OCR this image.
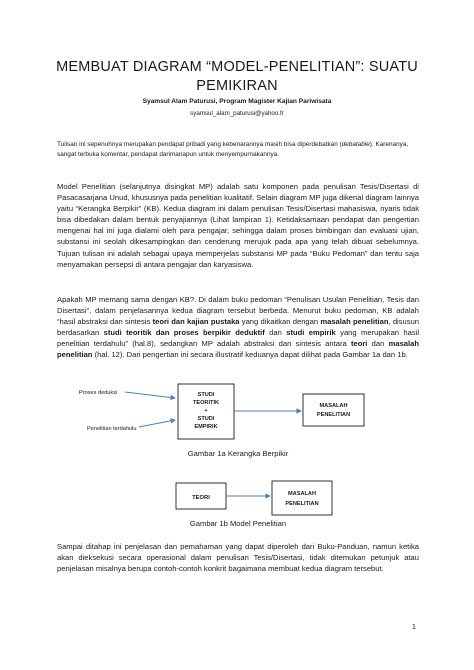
MEMBUAT DIAGRAM “MODEL-PENELITIAN”: SUATU PEMIKIRAN
Syamsul Alam Paturusi, Program Magister Kajian Pariwisata
syamsul_alam_paturusi@yahoo.fr
Tulisan ini sepenuhnya merupakan pendapat pribadi yang kebenarannya masih bisa diperdebatkan (debatable). Karenanya, sangat terbuka komentar, pendapat darimanapun untuk menyempurnakannya.
Model Penelitian (selanjutnya disingkat MP) adalah satu komponen pada penulisan Tesis/Disertasi di Pasacasarjana Unud, khususnya pada penelitian kualitatif. Selain diagram MP juga dikenal diagram lainnya yaitu “Kerangka Berpikir” (KB). Kedua diagram ini dalam penulisan Tesis/Disertasi mahasiswa, nyaris tidak bisa dibedakan dalam bentuk penyajiannya (Lihat lampiran 1). Ketidaksamaan pendapat dan pengertian mengenai hal ini juga dialami oleh para pengajar, sehingga dalam proses bimbingan dan evaluasi ujian, substansi ini seolah dikesampingkan dan cenderung merujuk pada apa yang telah dibuat sebelumnya. Tujuan tulisan ini adalah sebagai upaya memperjelas substansi MP pada “Buku Pedoman” dan tentu saja menyamakan persepsi di antara pengajar dan karyasiswa.
Apakah MP memang sama dengan KB?. Di dalam buku pedoman “Penulisan Usulan Penelitian, Tesis dan Disertasi”, dalam penjelasannya kedua diagram tersebut berbeda. Menurut buku pedoman, KB adalah “hasil abstraksi dan sintesis teori dan kajian pustaka yang dikaitkan dengan masalah penelitian, disusun berdasarkan studi teoritik dan proses berpikir deduktif dan studi empirik yang merupakan hasil penelitian terdahulu” (hal.8), sedangkan MP adalah abstraksi dan sintesis antara teori dan masalah penelitian (hal. 12). Dari pengertian ini secara illustratif keduanya dapat dilihat pada Gambar 1a dan 1b.
Proses deduksi
Penelitian terdahulu
STUDI
TEORITIK
+
STUDI
EMPIRIK
MASALAH
PENELITIAN
Gambar 1a Kerangka Berpikir
TEORI
MASALAH
PENELITIAN
Gambar 1b Model Penelitian
Sampai ditahap ini penjelasan dan pemahaman yang dapat diperoleh dari Buku-Panduan, namun ketika akan dieksekusi secara operasional dalam penulisan Tesis/Disertasi, tidak ditemukan petunjuk atau penjelasan misalnya berupa contoh-contoh konkrit bagaimana membuat kedua diagram tersebut.
1
